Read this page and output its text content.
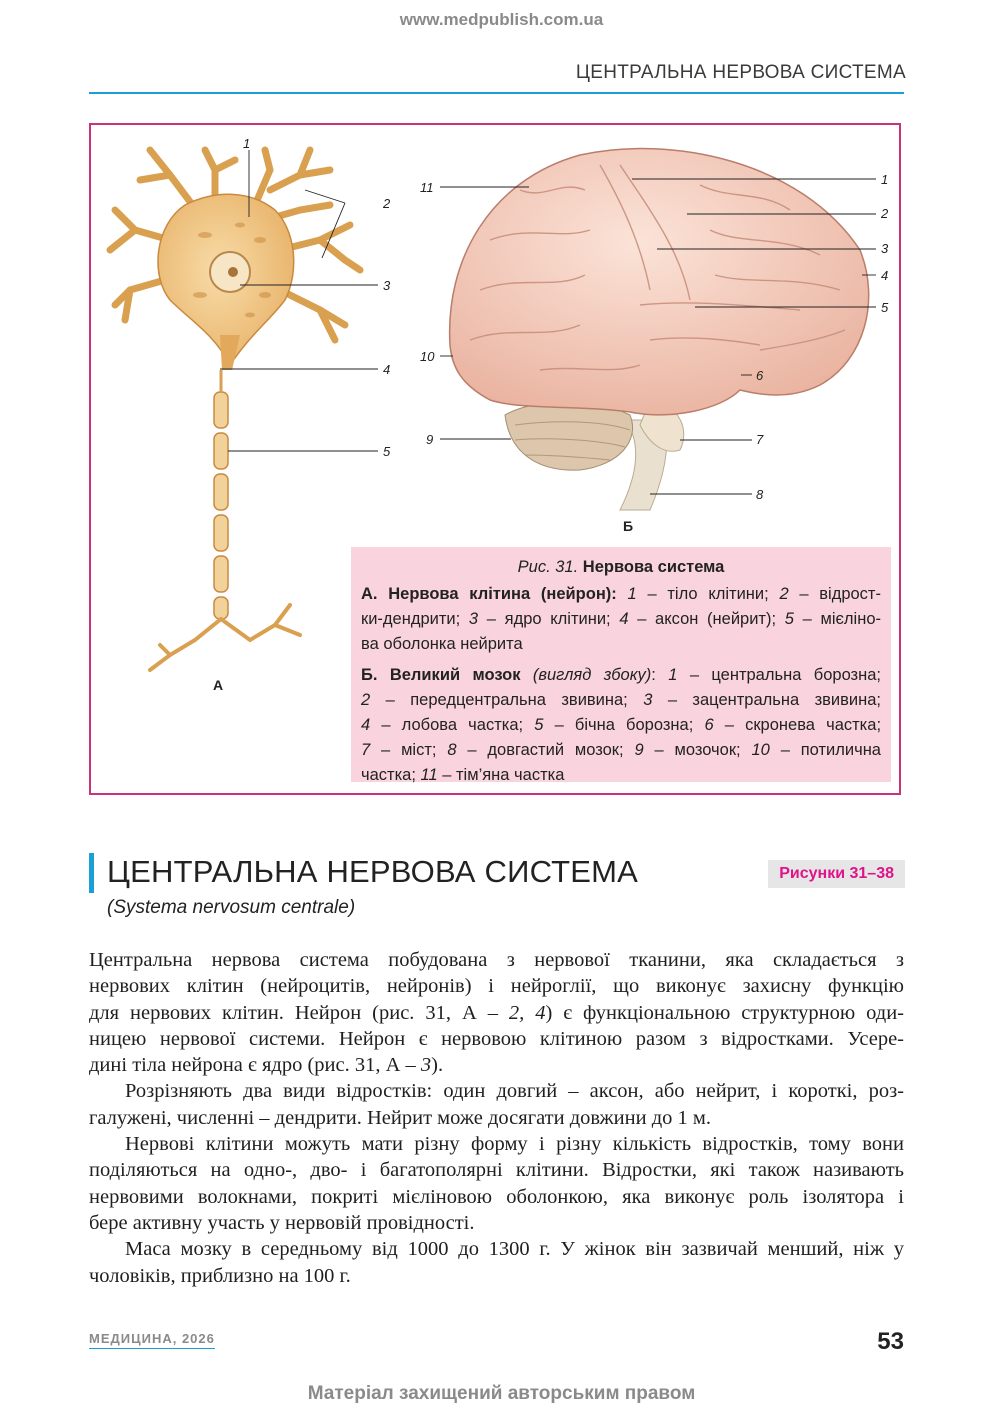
www.medpublish.com.ua
ЦЕНТРАЛЬНА НЕРВОВА СИСТЕМА
1
2
3
4
5
А
1
2
3
4
5
6
7
8
11
10
9
Б
Рис. 31. Нервова система
А. Нервова клітина (нейрон): 1 – тіло клітини; 2 – відрост-
ки-дендрити; 3 – ядро клітини; 4 – аксон (нейрит); 5 – мієліно-
ва оболонка нейрита
Б. Великий мозок (вигляд збоку): 1 – центральна борозна;
2 – передцентральна звивина; 3 – зацентральна звивина;
4 – лобова частка; 5 – бічна борозна; 6 – скронева частка;
7 – міст; 8 – довгастий мозок; 9 – мозочок; 10 – потилична
частка; 11 – тім’яна частка
ЦЕНТРАЛЬНА НЕРВОВА СИСТЕМА
(Systema nervosum centrale)
Рисунки 31–38
Центральна нервова система побудована з нервової тканини, яка складається з
нервових клітин (нейроцитів, нейронів) і нейроглії, що виконує захисну функцію
для нервових клітин. Нейрон (рис. 31, А – 2, 4) є функціональною структурною оди-
ницею нервової системи. Нейрон є нервовою клітиною разом з відростками. Усере-
дині тіла нейрона є ядро (рис. 31, А – 3).
Розрізняють два види відростків: один довгий – аксон, або нейрит, і короткі, роз-
галужені, численні – дендрити. Нейрит може досягати довжини до 1 м.
Нервові клітини можуть мати різну форму і різну кількість відростків, тому вони
поділяються на одно-, дво- і багатополярні клітини. Відростки, які також називають
нервовими волокнами, покриті мієліновою оболонкою, яка виконує роль ізолятора і
бере активну участь у нервовій провідності.
Маса мозку в середньому від 1000 до 1300 г. У жінок він зазвичай менший, ніж у
чоловіків, приблизно на 100 г.
МЕДИЦИНА, 2026	53
Матеріал захищений авторським правом
